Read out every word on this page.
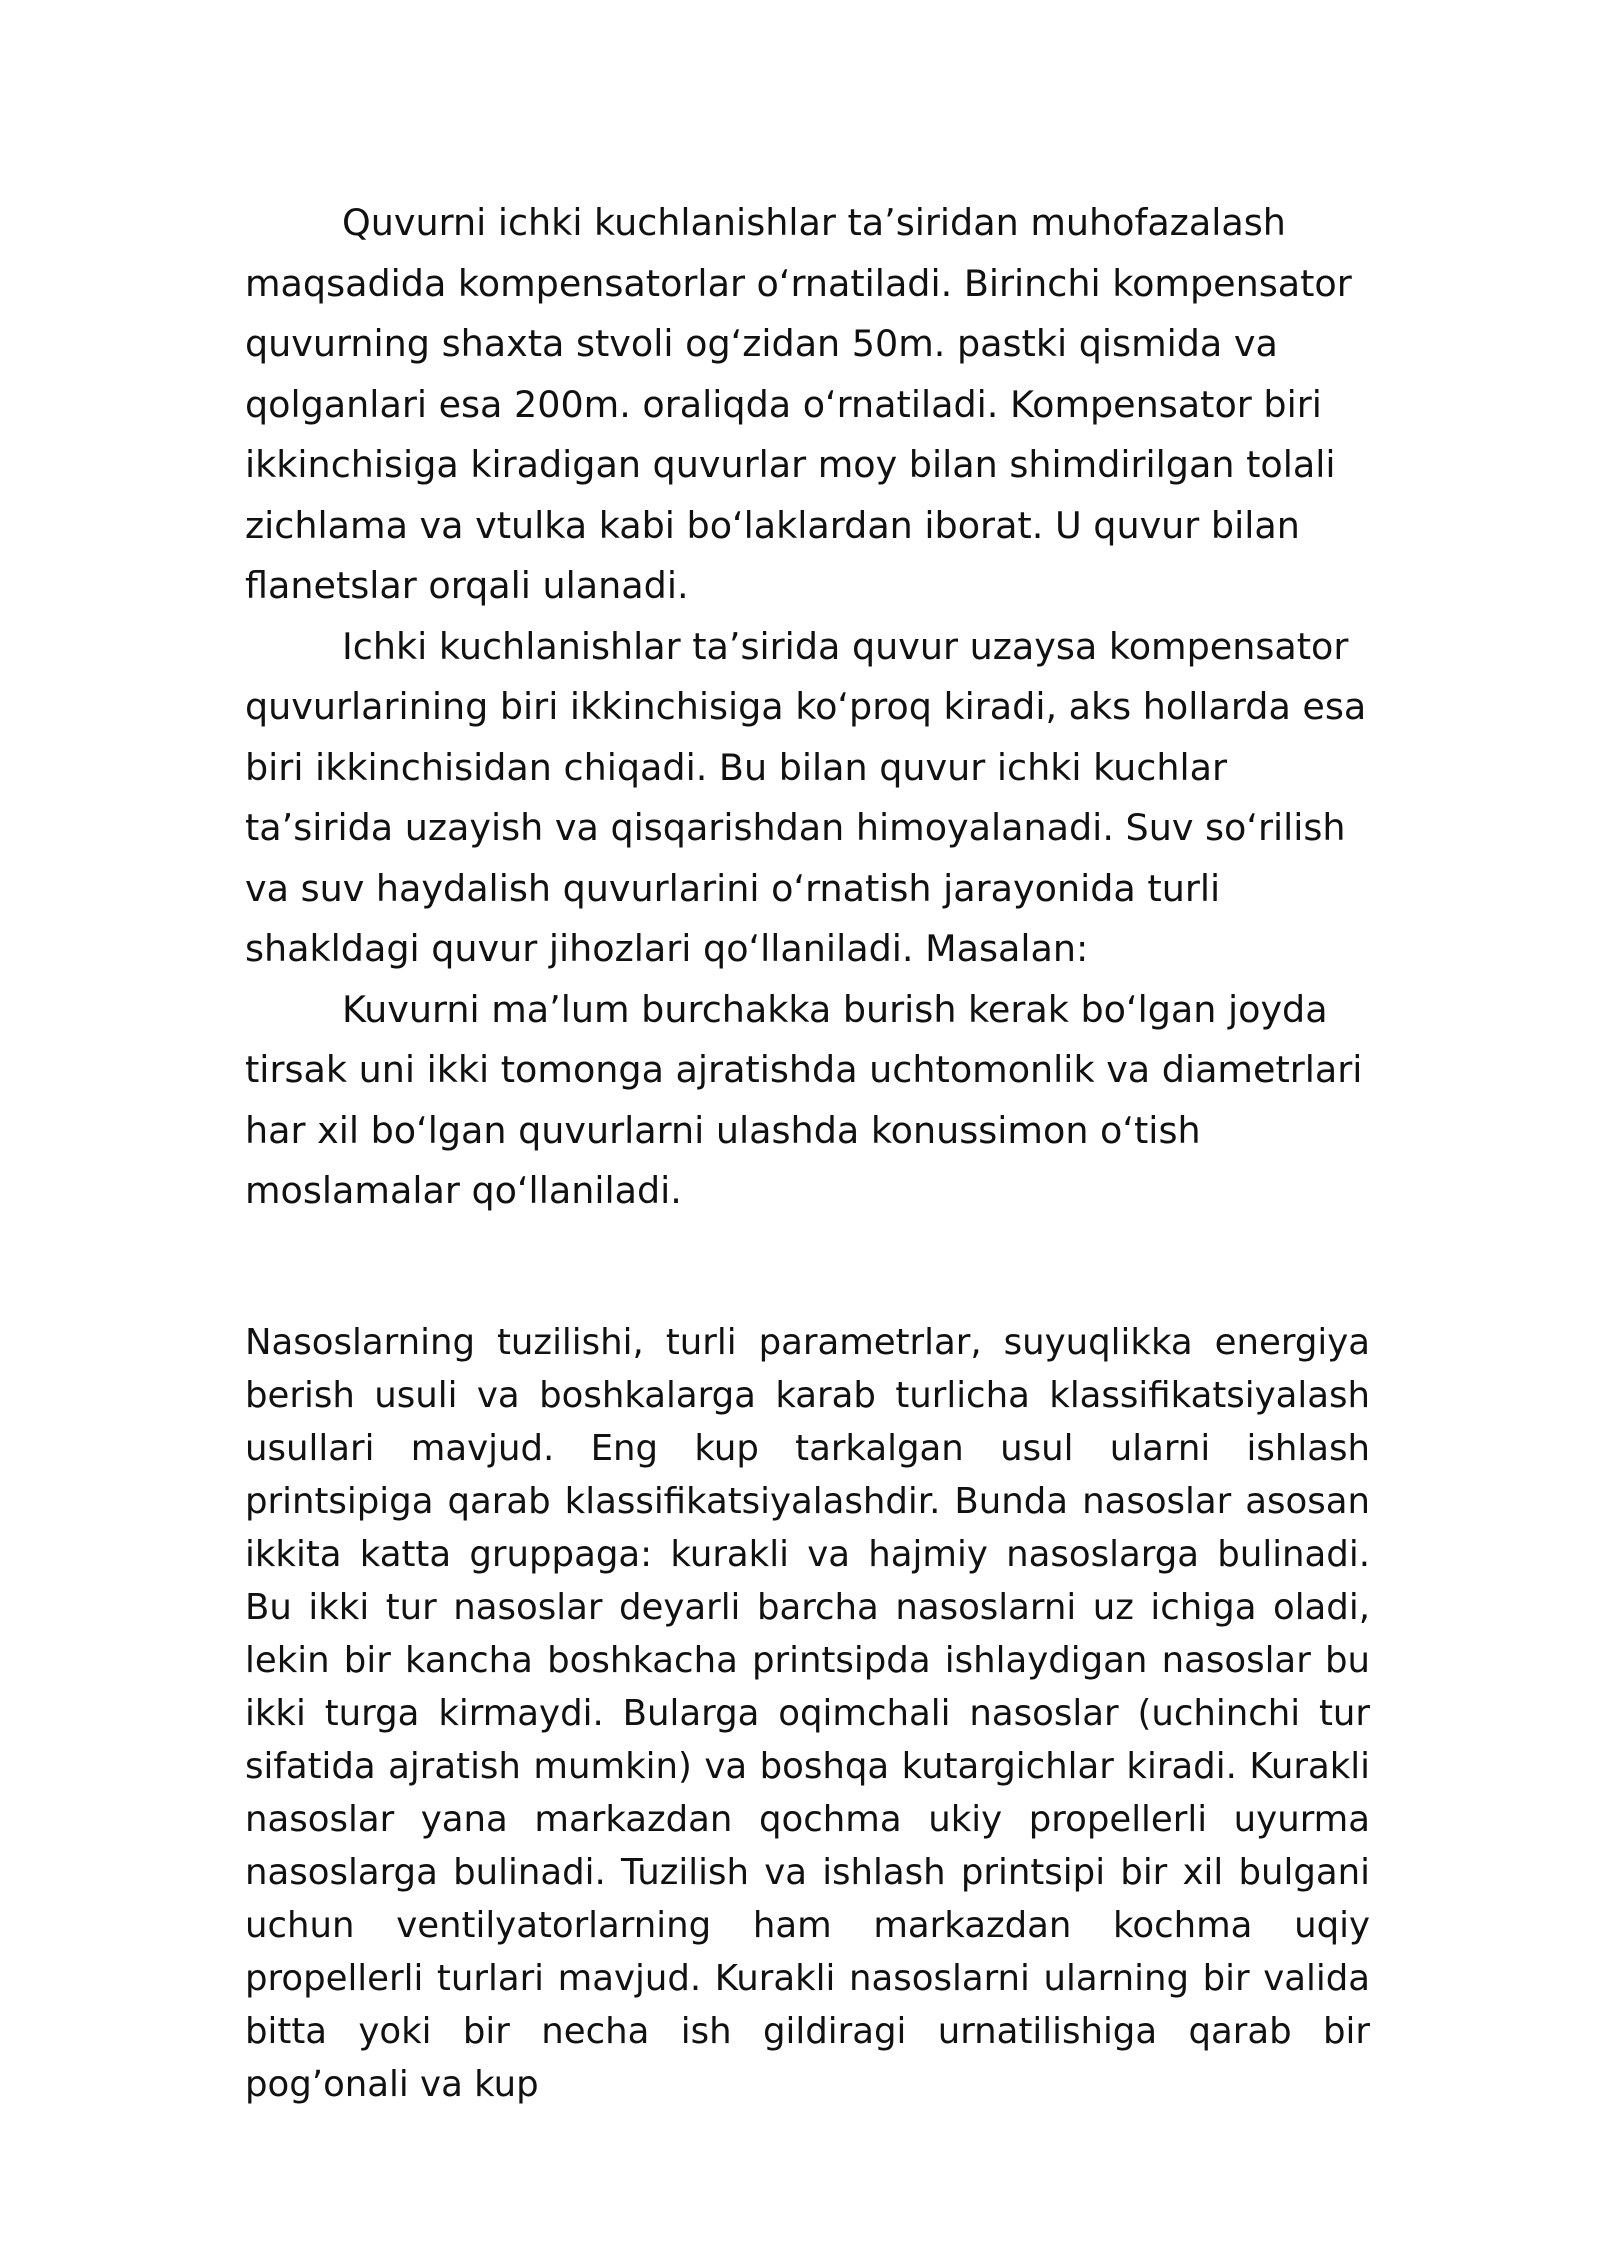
Quvurni ichki kuchlanishlar ta’siridan muhofazalash maqsadida kompensatorlar oʻrnatiladi. Birinchi kompensator quvurning shaxta stvoli ogʻzidan 50m. pastki qismida va qolganlari esa 200m. oraliqda oʻrnatiladi. Kompensator biri ikkinchisiga kiradigan quvurlar moy bilan shimdirilgan tolali zichlama va vtulka kabi boʻlaklardan iborat. U quvur bilan flanetslar orqali ulanadi.

Ichki kuchlanishlar ta’sirida quvur uzaysa kompensator quvurlarining biri ikkinchisiga koʻproq kiradi, aks hollarda esa biri ikkinchisidan chiqadi. Bu bilan quvur ichki kuchlar ta’sirida uzayish va qisqarishdan himoyalanadi. Suv soʻrilish va suv haydalish quvurlarini oʻrnatish jarayonida turli shakldagi quvur jihozlari qoʻllaniladi. Masalan:

Kuvurni ma’lum burchakka burish kerak boʻlgan joyda tirsak uni ikki tomonga ajratishda uchtomonlik va diametrlari har xil boʻlgan quvurlarni ulashda konussimon oʻtish moslamalar qoʻllaniladi.

Nasoslarning tuzilishi, turli parametrlar, suyuqlikka energiya berish usuli va boshkalarga karab turlicha klassifikatsiyalash usullari mavjud. Eng kup tarkalgan usul ularni ishlash printsipiga qarab klassifikatsiyalashdir. Bunda nasoslar asosan ikkita katta gruppaga: kurakli va hajmiy nasoslarga bulinadi. Bu ikki tur nasoslar deyarli barcha nasoslarni uz ichiga oladi, lekin bir kancha boshkacha printsipda ishlaydigan nasoslar bu ikki turga kirmaydi. Bularga oqimchali nasoslar (uchinchi tur sifatida ajratish mumkin) va boshqa kutargichlar kiradi. Kurakli nasoslar yana markazdan qochma ukiy propellerli uyurma nasoslarga bulinadi. Tuzilish va ishlash printsipi bir xil bulgani uchun ventilyatorlarning ham markazdan kochma uqiy propellerli turlari mavjud. Kurakli nasoslarni ularning bir valida bitta yoki bir necha ish gildiragi urnatilishiga qarab bir pog’onali va kup
